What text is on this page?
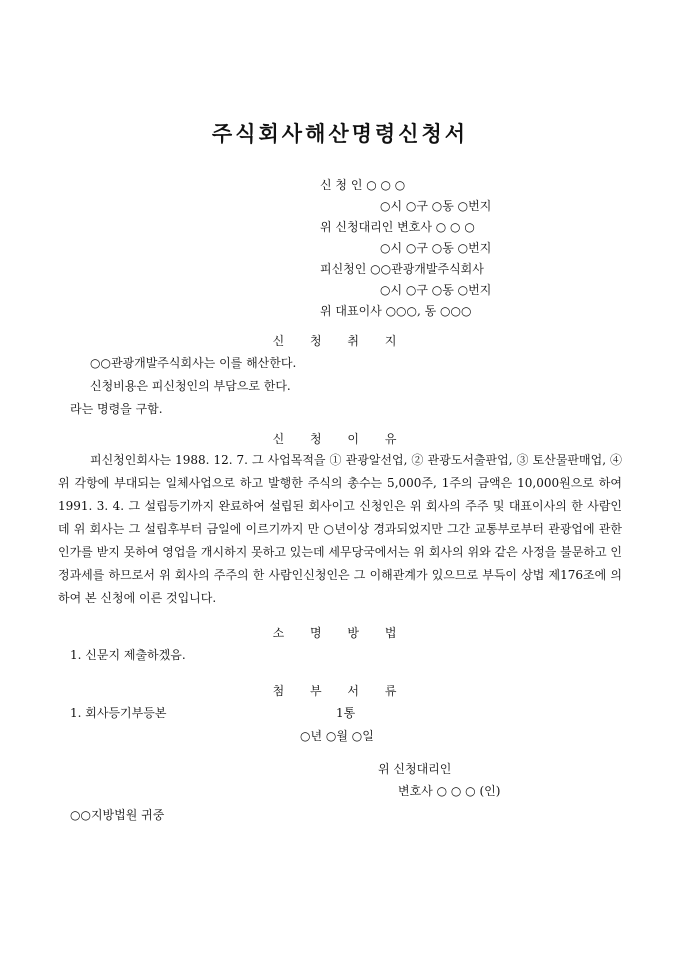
주식회사해산명령신청서
신 청 인 ○ ○ ○
○시 ○구 ○동 ○번지
위 신청대리인 변호사 ○ ○ ○
○시 ○구 ○동 ○번지
피신청인 ○○관광개발주식회사
○시 ○구 ○동 ○번지
위 대표이사 ○○○, 동 ○○○
신 청 취 지
○○관광개발주식회사는 이를 해산한다.
신청비용은 피신청인의 부담으로 한다.
라는 명령을 구함.
신 청 이 유
피신청인회사는 1988. 12. 7. 그 사업목적을 ① 관광알선업, ② 관광도서출판업, ③ 토산물판매업, ④ 위 각항에 부대되는 일체사업으로 하고 발행한 주식의 총수는 5,000주, 1주의 금액은 10,000원으로 하여 1991. 3. 4. 그 설립등기까지 완료하여 설립된 회사이고 신청인은 위 회사의 주주 및 대표이사의 한 사람인데 위 회사는 그 설립후부터 금일에 이르기까지 만 ○년이상 경과되었지만 그간 교통부로부터 관광업에 관한 인가를 받지 못하여 영업을 개시하지 못하고 있는데 세무당국에서는 위 회사의 위와 같은 사정을 불문하고 인정과세를 하므로서 위 회사의 주주의 한 사람인신청인은 그 이해관계가 있으므로 부득이 상법 제176조에 의하여 본 신청에 이른 것입니다.
소 명 방 법
1. 신문지 제출하겠음.
첨 부 서 류
1. 회사등기부등본	1통
○년 ○월 ○일
위 신청대리인
변호사 ○ ○ ○ (인)
○○지방법원 귀중
